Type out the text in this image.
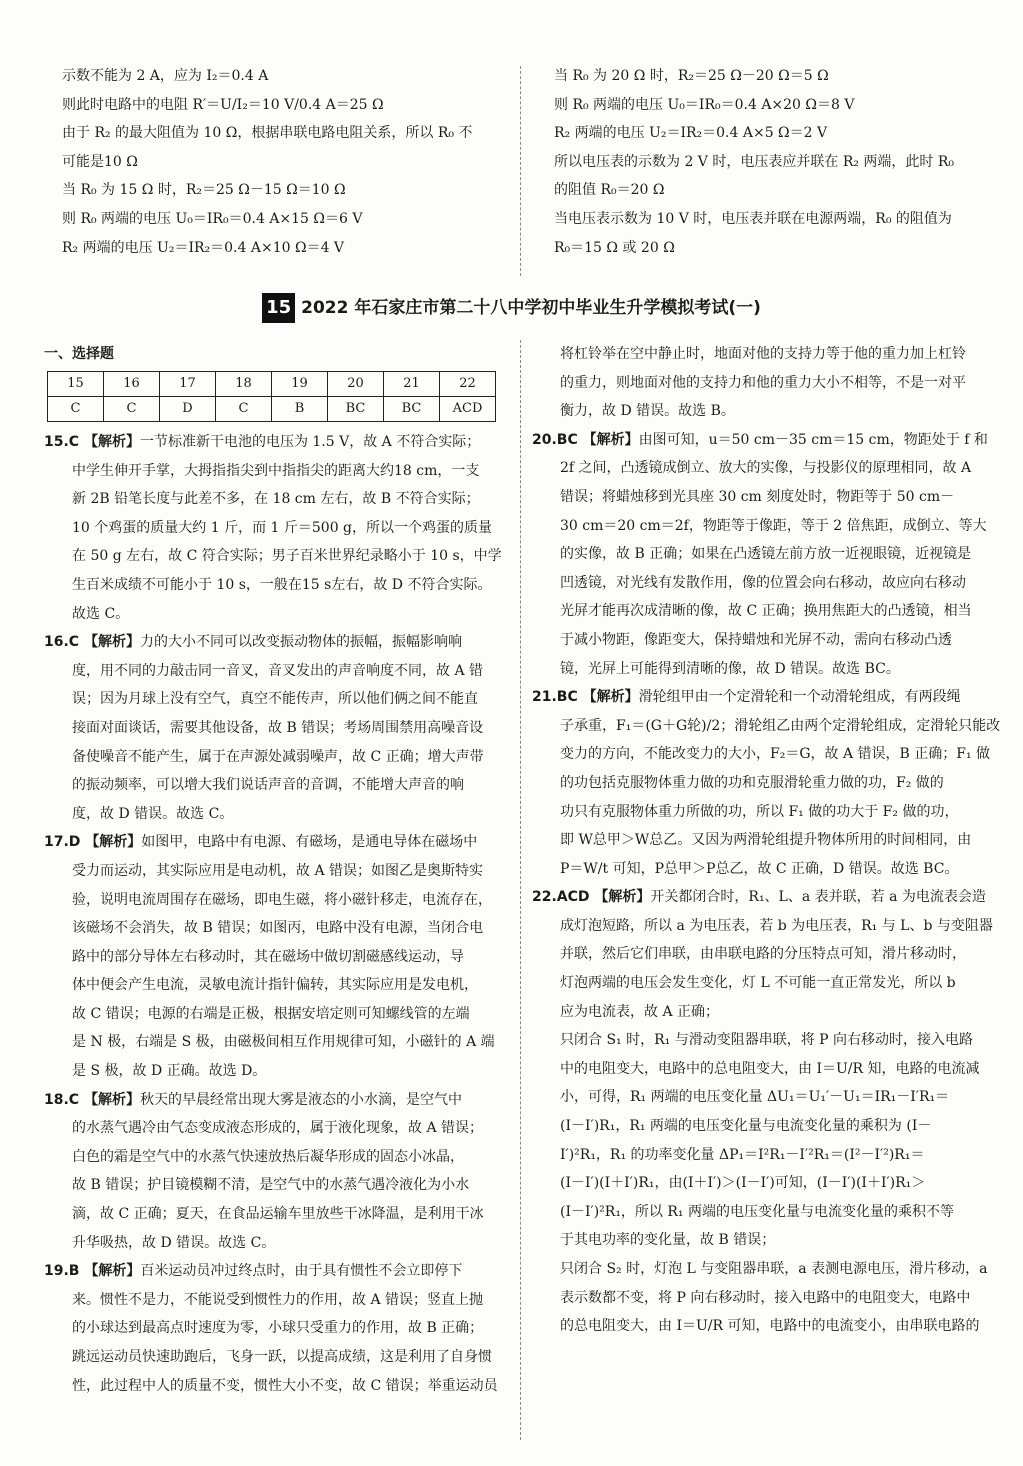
示数不能为 2 A，应为 I₂＝0.4 A
则此时电路中的电阻 R′＝U/I₂＝10 V/0.4 A＝25 Ω
由于 R₂ 的最大阻值为 10 Ω，根据串联电路电阻关系，所以 R₀ 不
可能是10 Ω
当 R₀ 为 15 Ω 时，R₂＝25 Ω－15 Ω＝10 Ω
则 R₀ 两端的电压 U₀＝IR₀＝0.4 A×15 Ω＝6 V
R₂ 两端的电压 U₂＝IR₂＝0.4 A×10 Ω＝4 V
当 R₀ 为 20 Ω 时，R₂＝25 Ω－20 Ω＝5 Ω
则 R₀ 两端的电压 U₀＝IR₀＝0.4 A×20 Ω＝8 V
R₂ 两端的电压 U₂＝IR₂＝0.4 A×5 Ω＝2 V
所以电压表的示数为 2 V 时，电压表应并联在 R₂ 两端，此时 R₀
的阻值 R₀＝20 Ω
当电压表示数为 10 V 时，电压表并联在电源两端，R₀ 的阻值为
R₀＝15 Ω 或 20 Ω
15 2022 年石家庄市第二十八中学初中毕业生升学模拟考试(一)
一、选择题
15	16	17	18	19	20	21	22
C	C	D	C	B	BC	BC	ACD
15.C 【解析】一节标准新干电池的电压为 1.5 V，故 A 不符合实际；
中学生伸开手掌，大拇指指尖到中指指尖的距离大约18 cm，一支
新 2B 铅笔长度与此差不多，在 18 cm 左右，故 B 不符合实际；
10 个鸡蛋的质量大约 1 斤，而 1 斤＝500 g，所以一个鸡蛋的质量
在 50 g 左右，故 C 符合实际；男子百米世界纪录略小于 10 s，中学
生百米成绩不可能小于 10 s，一般在15 s左右，故 D 不符合实际。
故选 C。
16.C 【解析】力的大小不同可以改变振动物体的振幅，振幅影响响
度，用不同的力敲击同一音叉，音叉发出的声音响度不同，故 A 错
误；因为月球上没有空气，真空不能传声，所以他们俩之间不能直
接面对面谈话，需要其他设备，故 B 错误；考场周围禁用高噪音设
备使噪音不能产生，属于在声源处减弱噪声，故 C 正确；增大声带
的振动频率，可以增大我们说话声音的音调，不能增大声音的响
度，故 D 错误。故选 C。
17.D 【解析】如图甲，电路中有电源、有磁场，是通电导体在磁场中
受力而运动，其实际应用是电动机，故 A 错误；如图乙是奥斯特实
验，说明电流周围存在磁场，即电生磁，将小磁针移走，电流存在，
该磁场不会消失，故 B 错误；如图丙，电路中没有电源，当闭合电
路中的部分导体左右移动时，其在磁场中做切割磁感线运动，导
体中便会产生电流，灵敏电流计指针偏转，其实际应用是发电机，
故 C 错误；电源的右端是正极，根据安培定则可知螺线管的左端
是 N 极，右端是 S 极，由磁极间相互作用规律可知，小磁针的 A 端
是 S 极，故 D 正确。故选 D。
18.C 【解析】秋天的早晨经常出现大雾是液态的小水滴，是空气中
的水蒸气遇冷由气态变成液态形成的，属于液化现象，故 A 错误；
白色的霜是空气中的水蒸气快速放热后凝华形成的固态小冰晶，
故 B 错误；护目镜模糊不清，是空气中的水蒸气遇冷液化为小水
滴，故 C 正确；夏天，在食品运输车里放些干冰降温，是利用干冰
升华吸热，故 D 错误。故选 C。
19.B 【解析】百米运动员冲过终点时，由于具有惯性不会立即停下
来。惯性不是力，不能说受到惯性力的作用，故 A 错误；竖直上抛
的小球达到最高点时速度为零，小球只受重力的作用，故 B 正确；
跳远运动员快速助跑后，飞身一跃，以提高成绩，这是利用了自身惯
性，此过程中人的质量不变，惯性大小不变，故 C 错误；举重运动员
将杠铃举在空中静止时，地面对他的支持力等于他的重力加上杠铃
的重力，则地面对他的支持力和他的重力大小不相等，不是一对平
衡力，故 D 错误。故选 B。
20.BC 【解析】由图可知，u＝50 cm－35 cm＝15 cm，物距处于 f 和
2f 之间，凸透镜成倒立、放大的实像，与投影仪的原理相同，故 A
错误；将蜡烛移到光具座 30 cm 刻度处时，物距等于 50 cm－
30 cm＝20 cm＝2f，物距等于像距，等于 2 倍焦距，成倒立、等大
的实像，故 B 正确；如果在凸透镜左前方放一近视眼镜，近视镜是
凹透镜，对光线有发散作用，像的位置会向右移动，故应向右移动
光屏才能再次成清晰的像，故 C 正确；换用焦距大的凸透镜，相当
于减小物距，像距变大，保持蜡烛和光屏不动，需向右移动凸透
镜，光屏上可能得到清晰的像，故 D 错误。故选 BC。
21.BC 【解析】滑轮组甲由一个定滑轮和一个动滑轮组成，有两段绳
子承重，F₁＝(G＋G轮)/2；滑轮组乙由两个定滑轮组成，定滑轮只能改
变力的方向，不能改变力的大小，F₂＝G，故 A 错误，B 正确；F₁ 做
的功包括克服物体重力做的功和克服滑轮重力做的功，F₂ 做的
功只有克服物体重力所做的功，所以 F₁ 做的功大于 F₂ 做的功，
即 W总甲＞W总乙。又因为两滑轮组提升物体所用的时间相同，由
P＝W/t 可知，P总甲＞P总乙，故 C 正确，D 错误。故选 BC。
22.ACD 【解析】开关都闭合时，R₁、L、a 表并联，若 a 为电流表会造
成灯泡短路，所以 a 为电压表，若 b 为电压表，R₁ 与 L、b 与变阻器
并联，然后它们串联，由串联电路的分压特点可知，滑片移动时，
灯泡两端的电压会发生变化，灯 L 不可能一直正常发光，所以 b
应为电流表，故 A 正确；
只闭合 S₁ 时，R₁ 与滑动变阻器串联，将 P 向右移动时，接入电路
中的电阻变大，电路中的总电阻变大，由 I＝U/R 知，电路的电流减
小，可得，R₁ 两端的电压变化量 ΔU₁＝U₁′－U₁＝IR₁－I′R₁＝
(I－I′)R₁，R₁ 两端的电压变化量与电流变化量的乘积为 (I－
I′)²R₁，R₁ 的功率变化量 ΔP₁＝I²R₁－I′²R₁＝(I²－I′²)R₁＝
(I－I′)(I＋I′)R₁，由(I＋I′)＞(I－I′)可知，(I－I′)(I＋I′)R₁＞
(I－I′)²R₁，所以 R₁ 两端的电压变化量与电流变化量的乘积不等
于其电功率的变化量，故 B 错误；
只闭合 S₂ 时，灯泡 L 与变阻器串联，a 表测电源电压，滑片移动，a
表示数都不变，将 P 向右移动时，接入电路中的电阻变大，电路中
的总电阻变大，由 I＝U/R 可知，电路中的电流变小，由串联电路的
